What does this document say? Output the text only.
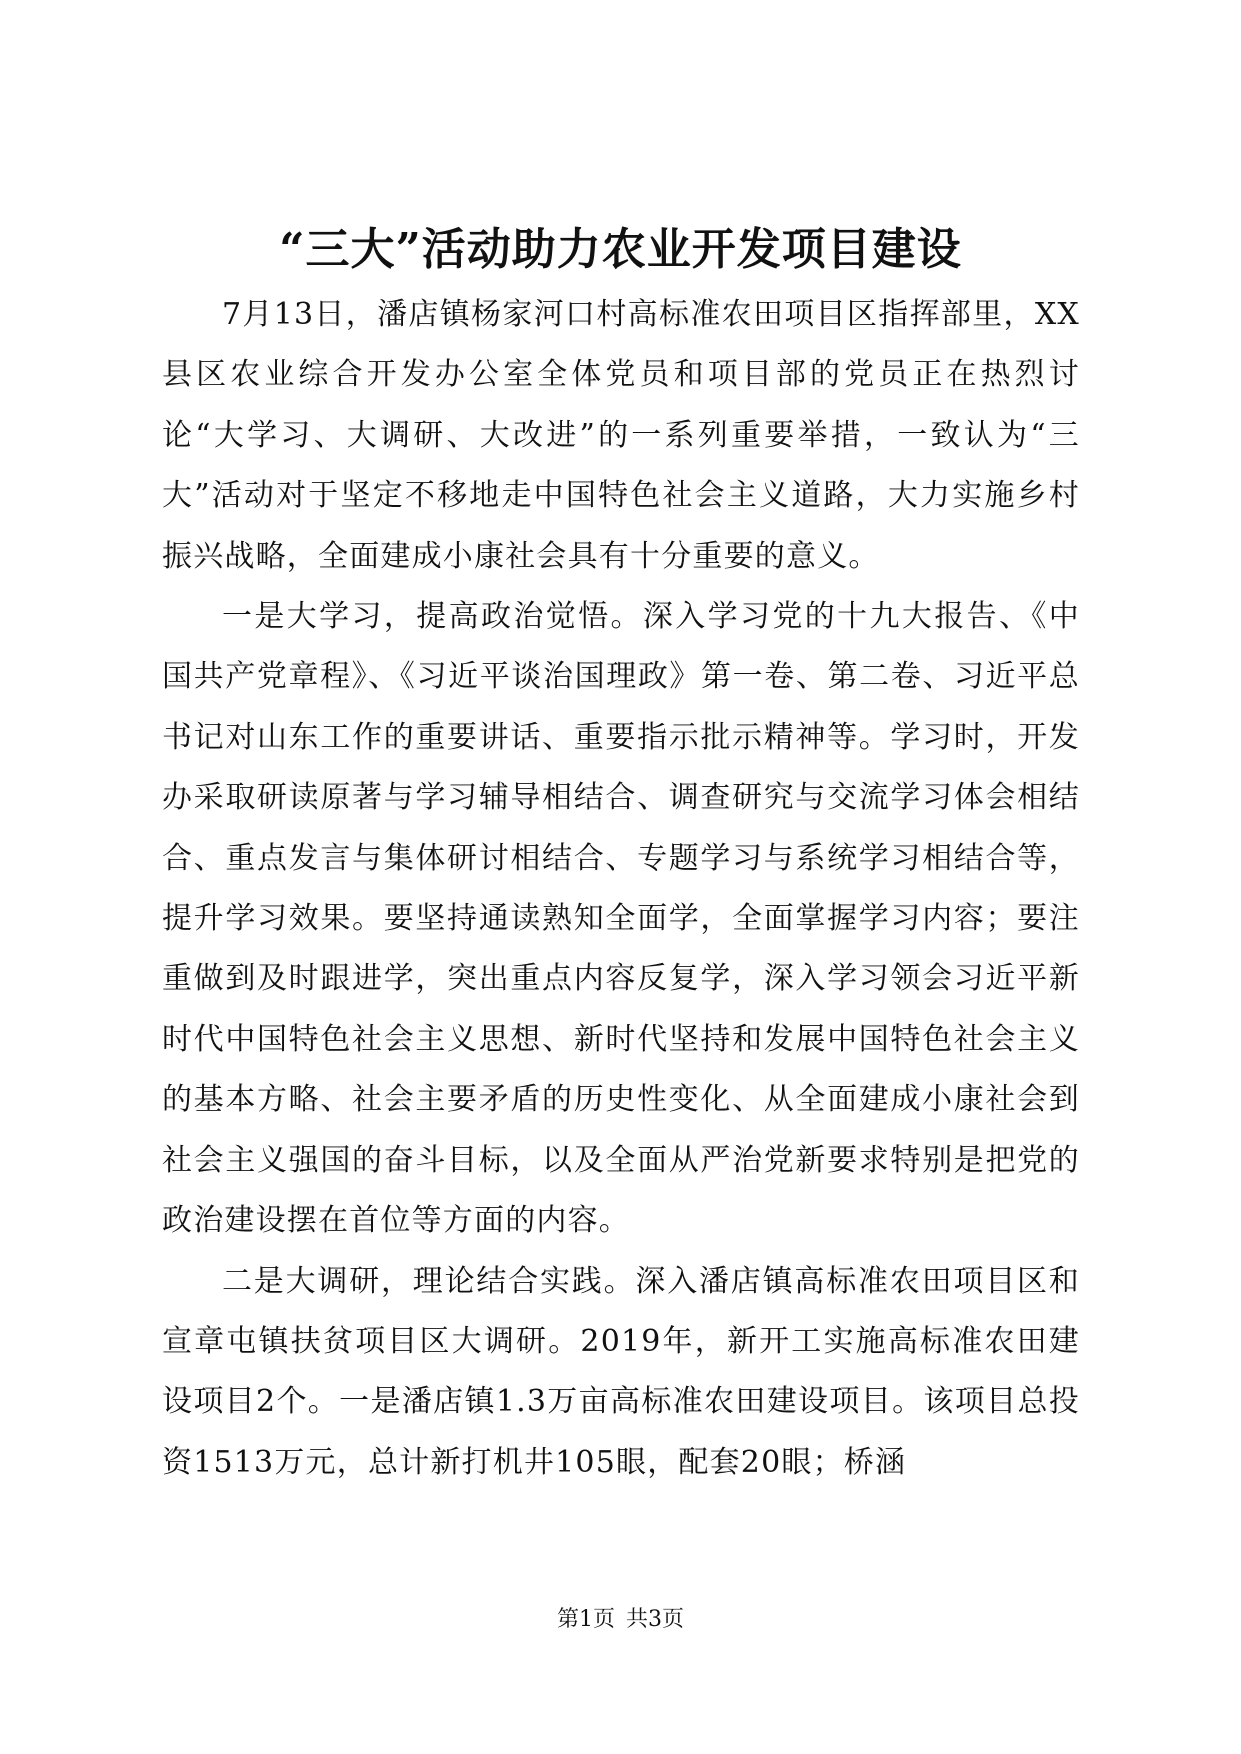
“三大”活动助力农业开发项目建设

7月13日，潘店镇杨家河口村高标准农田项目区指挥部里，XX县区农业综合开发办公室全体党员和项目部的党员正在热烈讨论“大学习、大调研、大改进”的一系列重要举措，一致认为“三大”活动对于坚定不移地走中国特色社会主义道路，大力实施乡村振兴战略，全面建成小康社会具有十分重要的意义。

一是大学习，提高政治觉悟。深入学习党的十九大报告、《中国共产党章程》、《习近平谈治国理政》第一卷、第二卷、习近平总书记对山东工作的重要讲话、重要指示批示精神等。学习时，开发办采取研读原著与学习辅导相结合、调查研究与交流学习体会相结合、重点发言与集体研讨相结合、专题学习与系统学习相结合等，提升学习效果。要坚持通读熟知全面学，全面掌握学习内容；要注重做到及时跟进学，突出重点内容反复学，深入学习领会习近平新时代中国特色社会主义思想、新时代坚持和发展中国特色社会主义的基本方略、社会主要矛盾的历史性变化、从全面建成小康社会到社会主义强国的奋斗目标，以及全面从严治党新要求特别是把党的政治建设摆在首位等方面的内容。

二是大调研，理论结合实践。深入潘店镇高标准农田项目区和宣章屯镇扶贫项目区大调研。2019年，新开工实施高标准农田建设项目2个。一是潘店镇1.3万亩高标准农田建设项目。该项目总投资1513万元，总计新打机井105眼，配套20眼；桥涵

第1页 共3页
